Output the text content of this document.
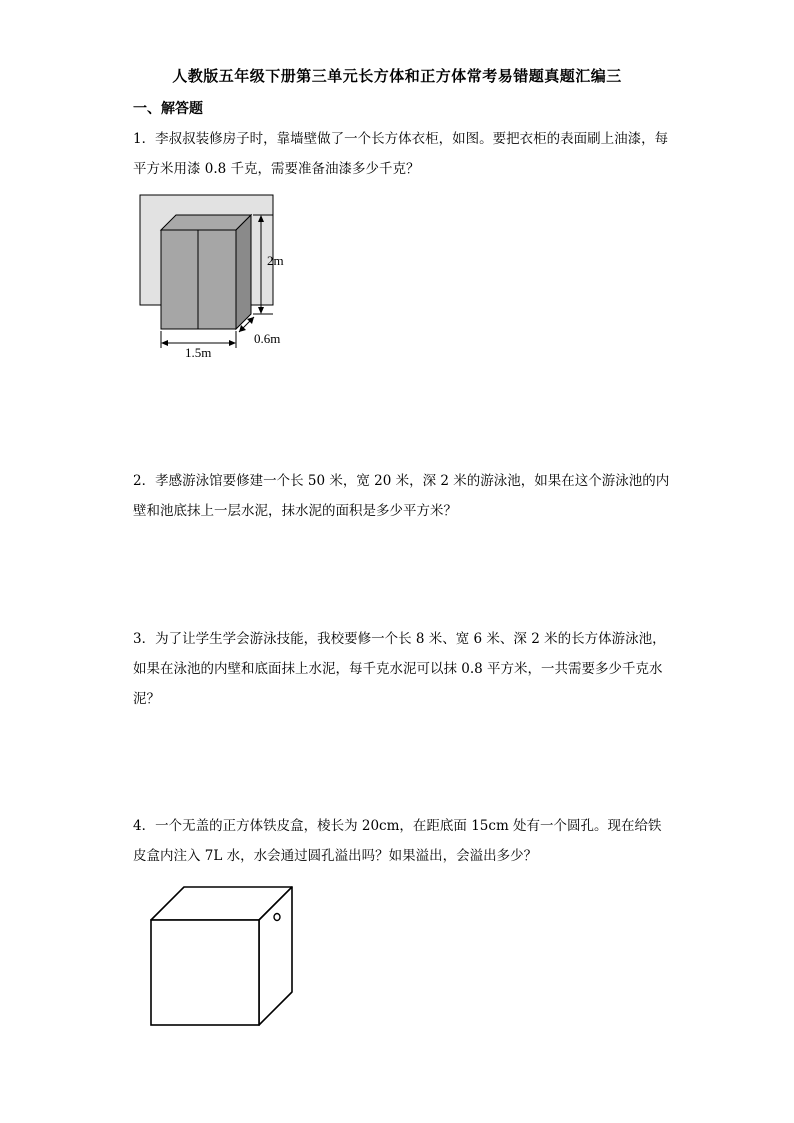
人教版五年级下册第三单元长方体和正方体常考易错题真题汇编三
一、解答题
1．李叔叔装修房子时，靠墙壁做了一个长方体衣柜，如图。要把衣柜的表面刷上油漆，每平方米用漆 0.8 千克，需要准备油漆多少千克？
2m
0.6m
1.5m
2．孝感游泳馆要修建一个长 50 米，宽 20 米，深 2 米的游泳池，如果在这个游泳池的内壁和池底抹上一层水泥，抹水泥的面积是多少平方米？
3．为了让学生学会游泳技能，我校要修一个长 8 米、宽 6 米、深 2 米的长方体游泳池，如果在泳池的内壁和底面抹上水泥，每千克水泥可以抹 0.8 平方米，一共需要多少千克水泥？
4．一个无盖的正方体铁皮盒，棱长为 20cm，在距底面 15cm 处有一个圆孔。现在给铁皮盒内注入 7L 水，水会通过圆孔溢出吗？如果溢出，会溢出多少？
